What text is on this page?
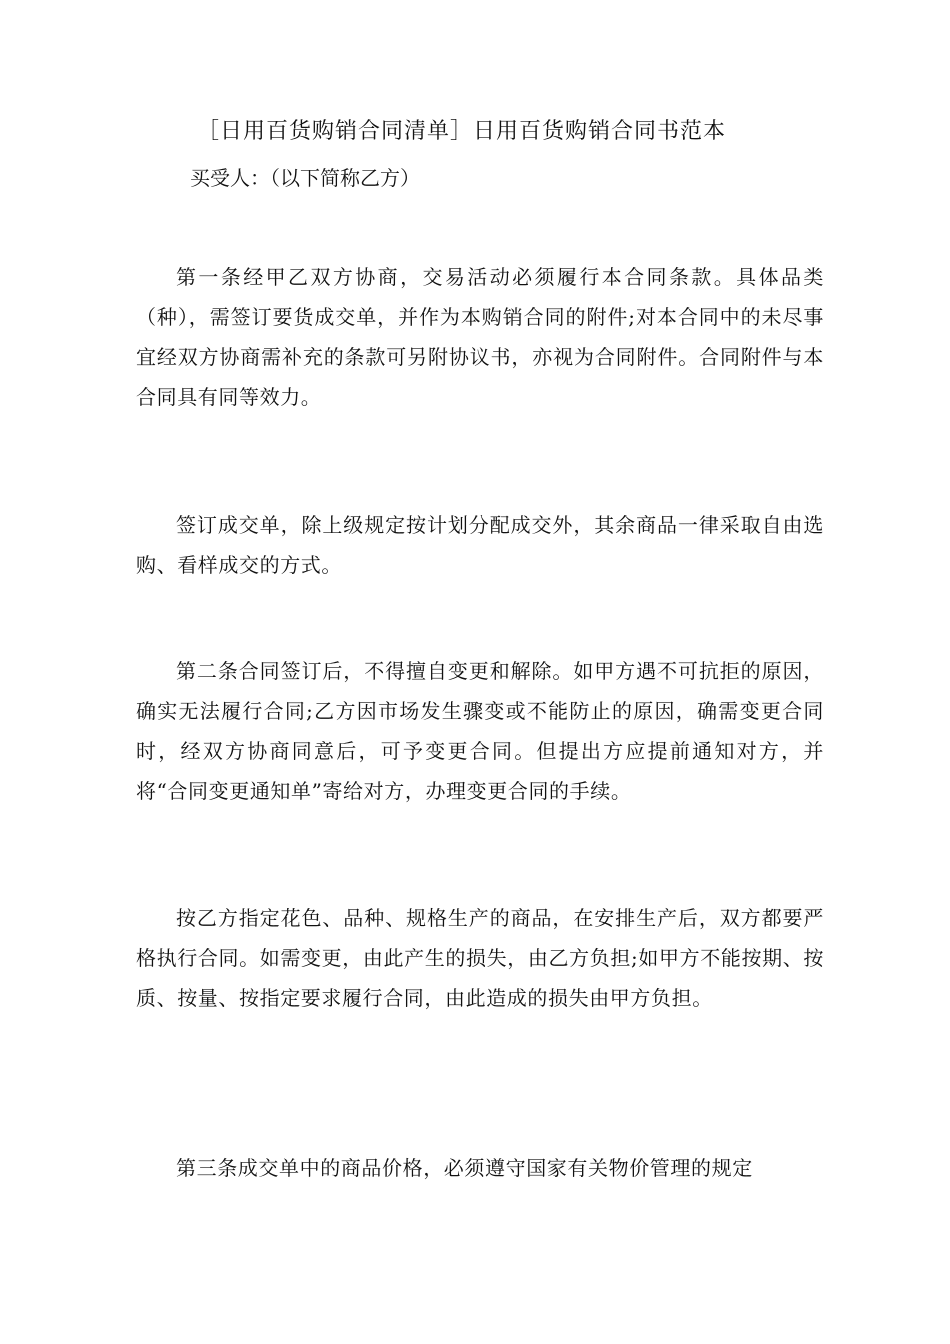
［日用百货购销合同清单］日用百货购销合同书范本
买受人：（以下简称乙方）

第一条经甲乙双方协商，交易活动必须履行本合同条款。具体品类（种），需签订要货成交单，并作为本购销合同的附件;对本合同中的未尽事宜经双方协商需补充的条款可另附协议书，亦视为合同附件。合同附件与本合同具有同等效力。

签订成交单，除上级规定按计划分配成交外，其余商品一律采取自由选购、看样成交的方式。

第二条合同签订后，不得擅自变更和解除。如甲方遇不可抗拒的原因，确实无法履行合同;乙方因市场发生骤变或不能防止的原因，确需变更合同时，经双方协商同意后，可予变更合同。但提出方应提前通知对方，并将“合同变更通知单”寄给对方，办理变更合同的手续。

按乙方指定花色、品种、规格生产的商品，在安排生产后，双方都要严格执行合同。如需变更，由此产生的损失，由乙方负担;如甲方不能按期、按质、按量、按指定要求履行合同，由此造成的损失由甲方负担。

第三条成交单中的商品价格，必须遵守国家有关物价管理的规定
